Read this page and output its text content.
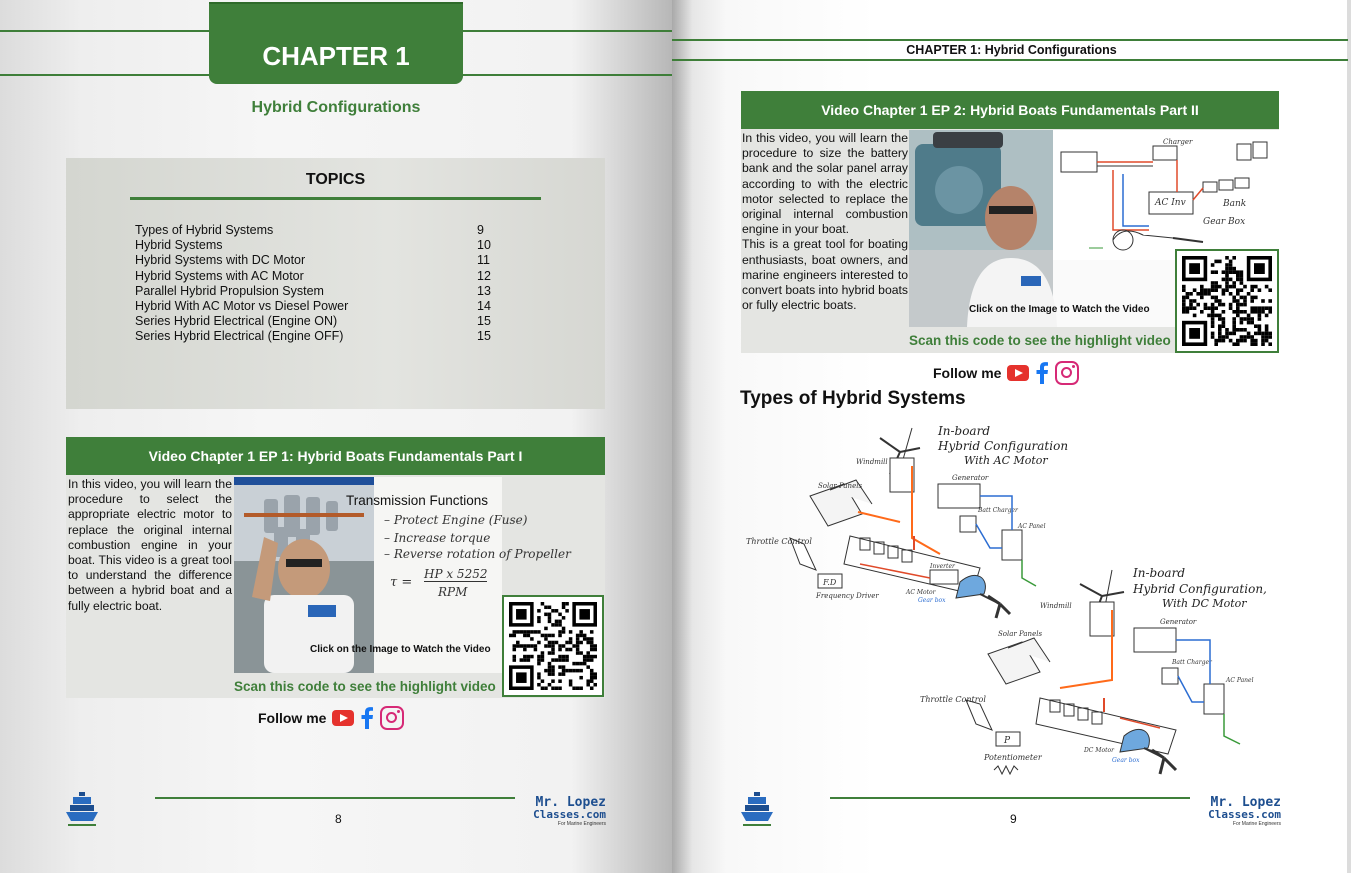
CHAPTER 1
Hybrid Configurations
TOPICS
Types of Hybrid Systems	9
Hybrid Systems	10
Hybrid Systems with DC Motor	11
Hybrid Systems with AC Motor	12
Parallel Hybrid Propulsion System	13
Hybrid With AC Motor vs Diesel Power	14
Series Hybrid Electrical (Engine ON)	15
Series Hybrid Electrical (Engine OFF)	15
Video Chapter 1 EP 1: Hybrid Boats Fundamentals Part I
In this video, you will learn the procedure to select the appropriate electric motor to replace the original internal combustion engine in your boat. This video is a great tool to understand the difference between a hybrid boat and a fully electric boat.
Transmission Functions
– Protect Engine (Fuse)
– Increase torque
– Reverse rotation of Propeller
τ =
HP x 5252
RPM
Click on the Image to Watch the Video
Scan this code to see the highlight video
Follow me
8
Mr. Lopez
Classes.com
For Marine Engineers
CHAPTER 1: Hybrid Configurations
Video Chapter 1 EP 2: Hybrid Boats Fundamentals Part II
In this video, you will learn the procedure to size the battery bank and the solar panel array according to with the electric motor selected to replace the original internal combustion engine in your boat.
This is a great tool for boating enthusiasts, boat owners, and marine engineers interested to convert boats into hybrid boats or fully electric boats.
Charger
AC Inv	Bank
Gear Box
Click on the Image to Watch the Video
Scan this code to see the highlight video
Follow me
Types of Hybrid Systems
In-board
Hybrid Configuration
With AC Motor
Windmill
Solar Panels
Generator
Batt Charger
AC Panel
Inverter
AC Motor
Gear box
Throttle Control
F.D
Frequency Driver
In-board
Hybrid Configuration,
With DC Motor
Windmill
Solar Panels
Generator
Batt Charger
AC Panel
DC Motor
Gear box
Throttle Control
P
Potentiometer
9
Mr. Lopez
Classes.com
For Marine Engineers
